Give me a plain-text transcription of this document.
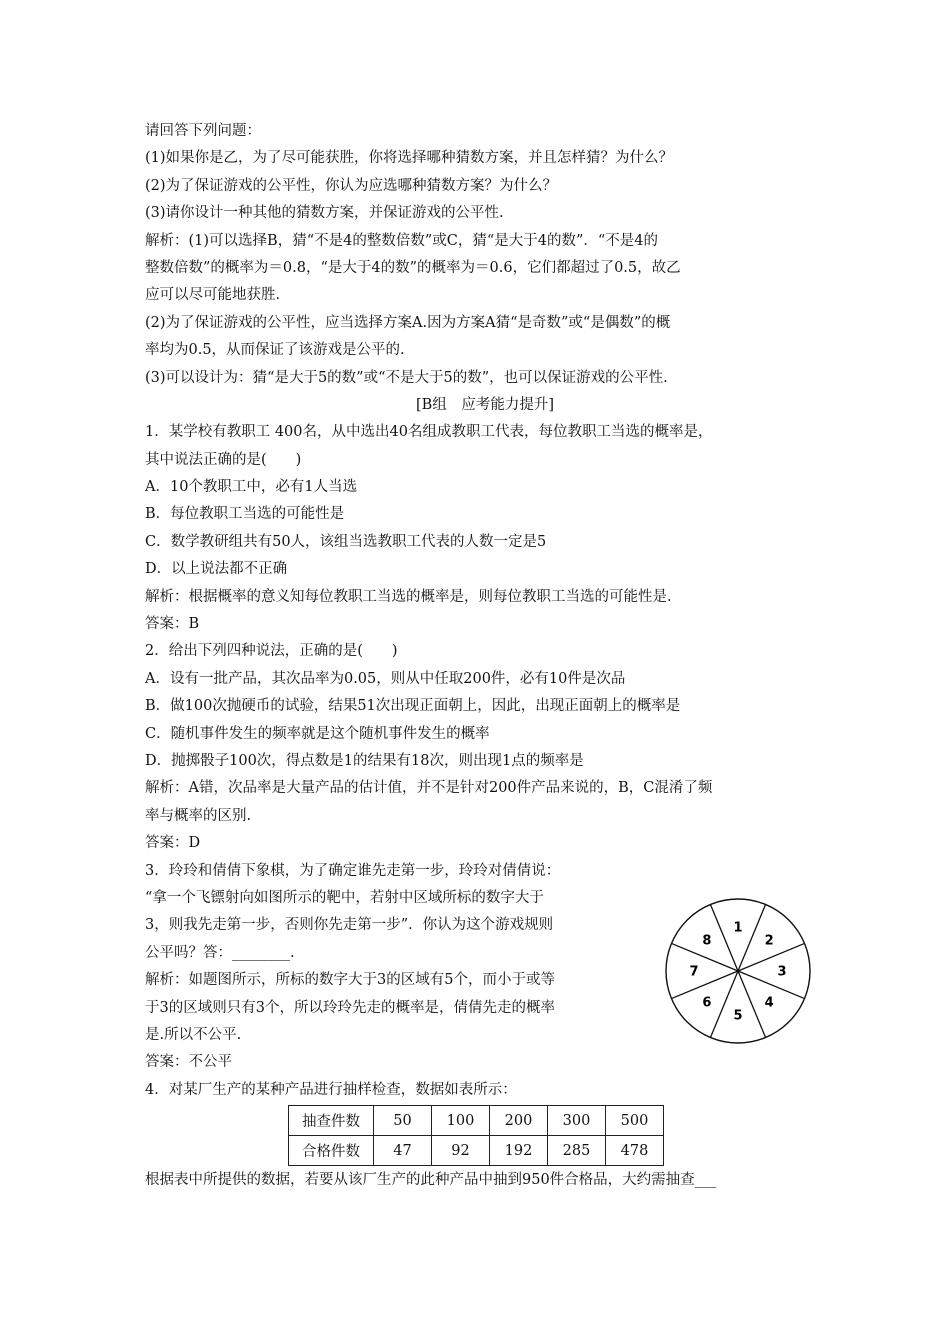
请回答下列问题：
(1)如果你是乙，为了尽可能获胜，你将选择哪种猜数方案，并且怎样猜？为什么？
(2)为了保证游戏的公平性，你认为应选哪种猜数方案？为什么？
(3)请你设计一种其他的猜数方案，并保证游戏的公平性.
解析：(1)可以选择B，猜“不是4的整数倍数”或C，猜“是大于4的数”．“不是4的
整数倍数”的概率为＝0.8，“是大于4的数”的概率为＝0.6，它们都超过了0.5，故乙
应可以尽可能地获胜.
(2)为了保证游戏的公平性，应当选择方案A.因为方案A猜“是奇数”或“是偶数”的概
率均为0.5，从而保证了该游戏是公平的.
(3)可以设计为：猜“是大于5的数”或“不是大于5的数”，也可以保证游戏的公平性.
[B组　应考能力提升]
1．某学校有教职工 400名，从中选出40名组成教职工代表，每位教职工当选的概率是，
其中说法正确的是(　　)
A．10个教职工中，必有1人当选
B．每位教职工当选的可能性是
C．数学教研组共有50人，该组当选教职工代表的人数一定是5
D．以上说法都不正确
解析：根据概率的意义知每位教职工当选的概率是，则每位教职工当选的可能性是.
答案：B
2．给出下列四种说法，正确的是(　　)
A．设有一批产品，其次品率为0.05，则从中任取200件，必有10件是次品
B．做100次抛硬币的试验，结果51次出现正面朝上，因此，出现正面朝上的概率是
C．随机事件发生的频率就是这个随机事件发生的概率
D．抛掷骰子100次，得点数是1的结果有18次，则出现1点的频率是
解析：A错，次品率是大量产品的估计值，并不是针对200件产品来说的，B，C混淆了频
率与概率的区别.
答案：D
3．玲玲和倩倩下象棋，为了确定谁先走第一步，玲玲对倩倩说：
“拿一个飞镖射向如图所示的靶中，若射中区域所标的数字大于
3，则我先走第一步，否则你先走第一步”．你认为这个游戏规则
公平吗？答：________.
解析：如题图所示，所标的数字大于3的区域有5个，而小于或等
于3的区域则只有3个，所以玲玲先走的概率是，倩倩先走的概率
是.所以不公平.
答案：不公平
1
2
3
4
5
6
7
8
4．对某厂生产的某种产品进行抽样检查，数据如表所示：
抽查件数	50	100	200	300	500
合格件数	47	92	192	285	478
根据表中所提供的数据，若要从该厂生产的此种产品中抽到950件合格品，大约需抽查___
